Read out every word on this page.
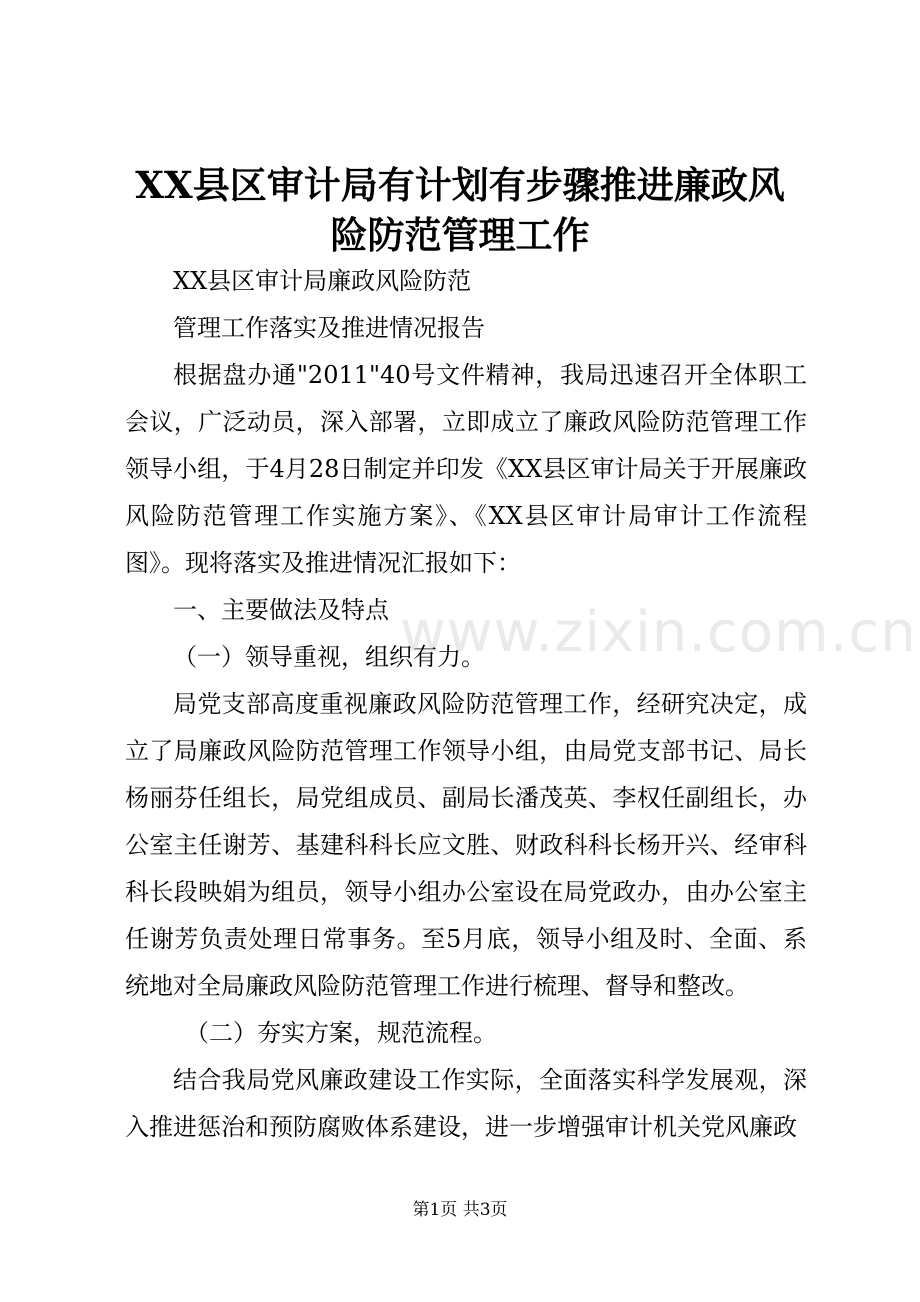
XX县区审计局有计划有步骤推进廉政风险防范管理工作

XX县区审计局廉政风险防范

管理工作落实及推进情况报告

根据盘办通"2011"40号文件精神，我局迅速召开全体职工会议，广泛动员，深入部署，立即成立了廉政风险防范管理工作领导小组，于4月28日制定并印发《XX县区审计局关于开展廉政风险防范管理工作实施方案》、《XX县区审计局审计工作流程图》。现将落实及推进情况汇报如下：

一、主要做法及特点

（一）领导重视，组织有力。

局党支部高度重视廉政风险防范管理工作，经研究决定，成立了局廉政风险防范管理工作领导小组，由局党支部书记、局长杨丽芬任组长，局党组成员、副局长潘茂英、李权任副组长，办公室主任谢芳、基建科科长应文胜、财政科科长杨开兴、经审科科长段映娟为组员，领导小组办公室设在局党政办，由办公室主任谢芳负责处理日常事务。至5月底，领导小组及时、全面、系统地对全局廉政风险防范管理工作进行梳理、督导和整改。

（二）夯实方案，规范流程。

结合我局党风廉政建设工作实际，全面落实科学发展观，深入推进惩治和预防腐败体系建设，进一步增强审计机关党风廉政

www.zixin.com.cn
第1页 共3页
